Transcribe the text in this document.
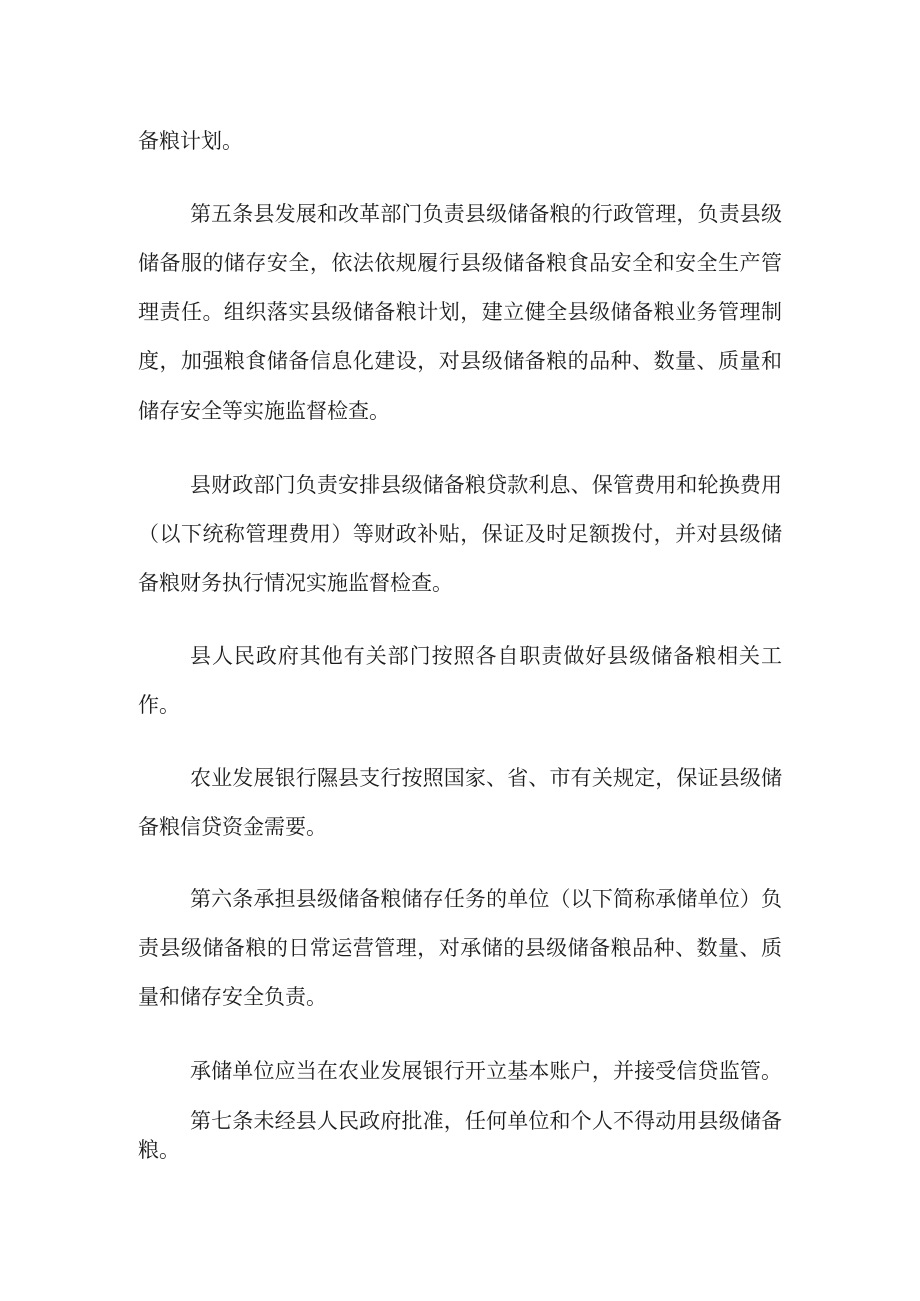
备粮计划。
第五条县发展和改革部门负责县级储备粮的行政管理，负责县级
储备服的储存安全，依法依规履行县级储备粮食品安全和安全生产管
理责任。组织落实县级储备粮计划，建立健全县级储备粮业务管理制
度，加强粮食储备信息化建设，对县级储备粮的品种、数量、质量和
储存安全等实施监督检查。
县财政部门负责安排县级储备粮贷款利息、保管费用和轮换费用
（以下统称管理费用）等财政补贴，保证及时足额拨付，并对县级储
备粮财务执行情况实施监督检查。
县人民政府其他有关部门按照各自职责做好县级储备粮相关工
作。
农业发展银行隰县支行按照国家、省、市有关规定，保证县级储
备粮信贷资金需要。
第六条承担县级储备粮储存任务的单位（以下简称承储单位）负
责县级储备粮的日常运营管理，对承储的县级储备粮品种、数量、质
量和储存安全负责。
承储单位应当在农业发展银行开立基本账户，并接受信贷监管。
第七条未经县人民政府批准，任何单位和个人不得动用县级储备
粮。
